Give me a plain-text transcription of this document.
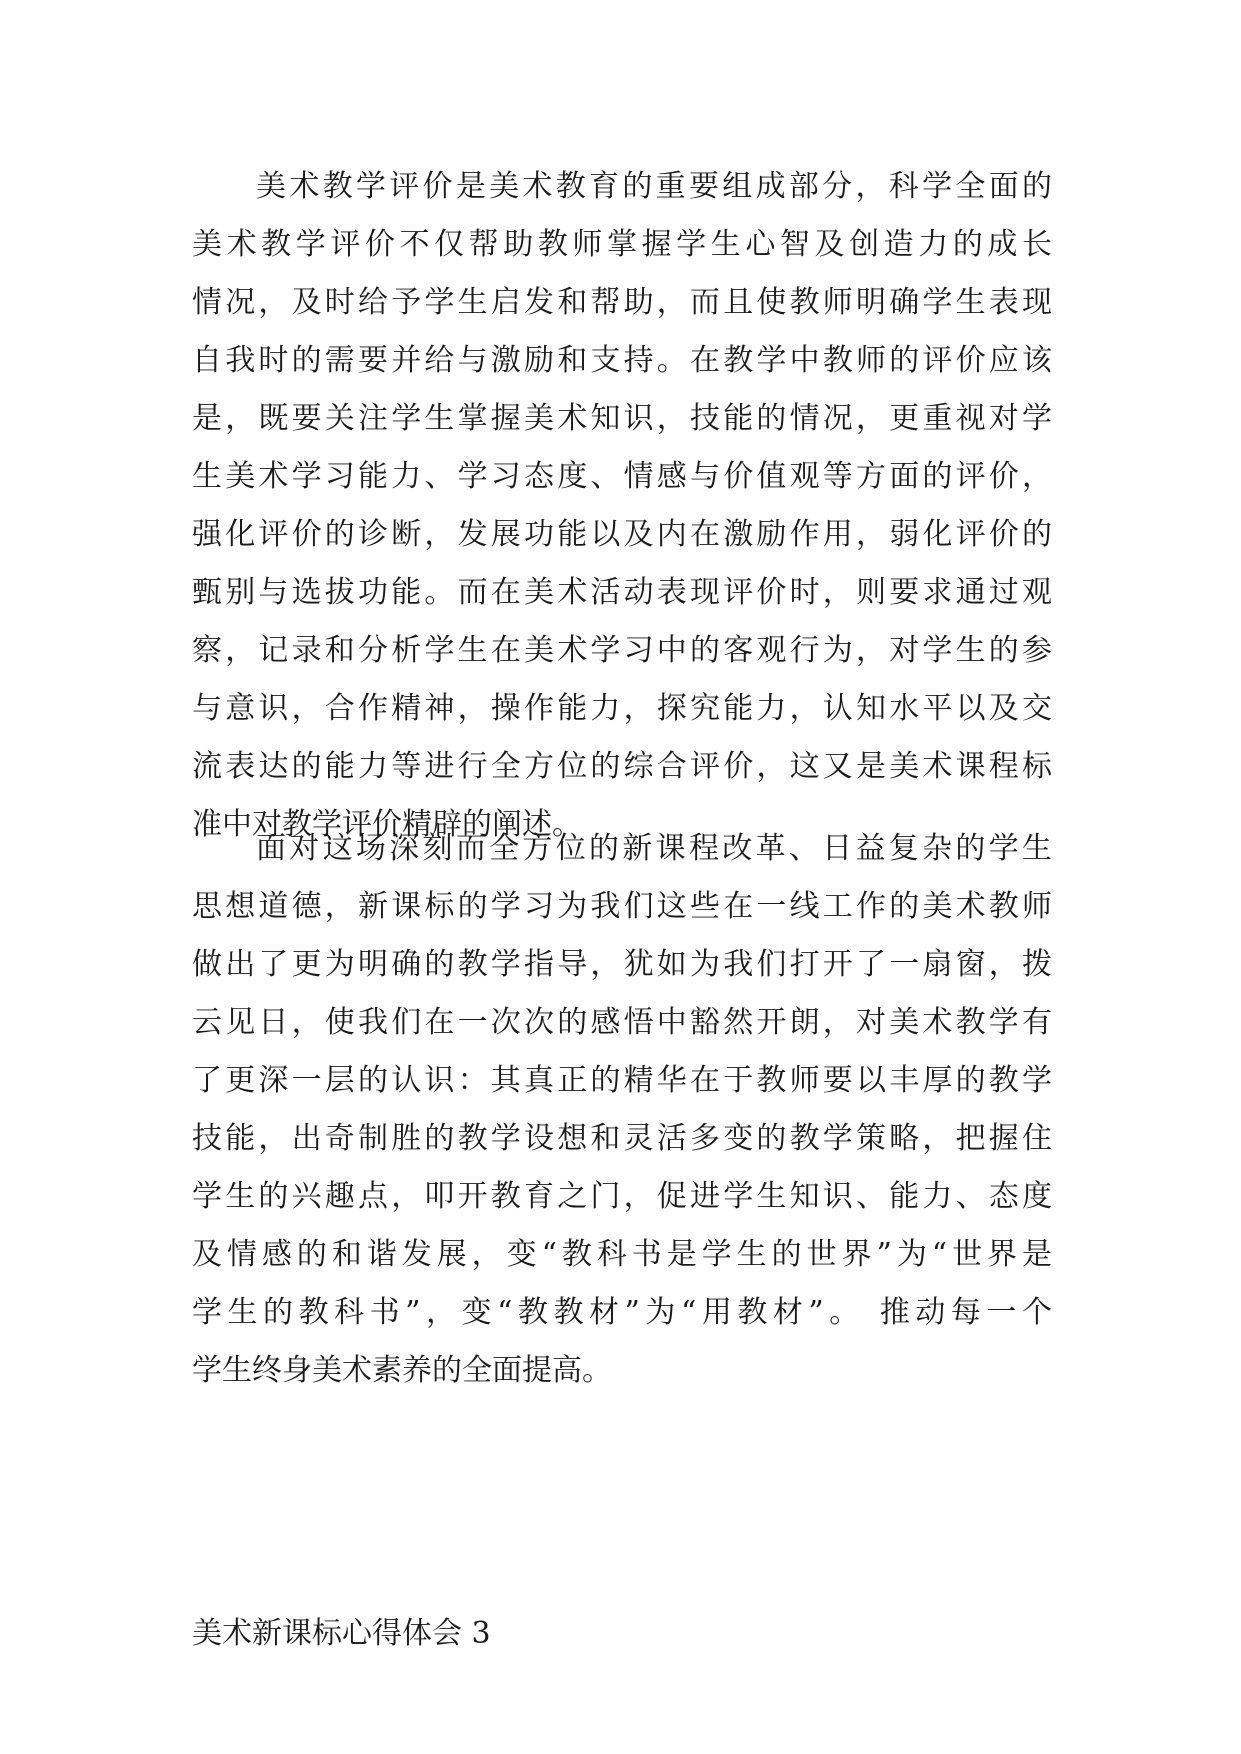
美术教学评价是美术教育的重要组成部分，科学全面的
美术教学评价不仅帮助教师掌握学生心智及创造力的成长
情况，及时给予学生启发和帮助，而且使教师明确学生表现
自我时的需要并给与激励和支持。在教学中教师的评价应该
是，既要关注学生掌握美术知识，技能的情况，更重视对学
生美术学习能力、学习态度、情感与价值观等方面的评价，
强化评价的诊断，发展功能以及内在激励作用，弱化评价的
甄别与选拔功能。而在美术活动表现评价时，则要求通过观
察，记录和分析学生在美术学习中的客观行为，对学生的参
与意识，合作精神，操作能力，探究能力，认知水平以及交
流表达的能力等进行全方位的综合评价，这又是美术课程标
准中对教学评价精辟的阐述。
面对这场深刻而全方位的新课程改革、日益复杂的学生
思想道德，新课标的学习为我们这些在一线工作的美术教师
做出了更为明确的教学指导，犹如为我们打开了一扇窗，拨
云见日，使我们在一次次的感悟中豁然开朗，对美术教学有
了更深一层的认识：其真正的精华在于教师要以丰厚的教学
技能，出奇制胜的教学设想和灵活多变的教学策略，把握住
学生的兴趣点，叩开教育之门，促进学生知识、能力、态度
及情感的和谐发展，变“教科书是学生的世界”为“世界是
学生的教科书”，变“教教材”为“用教材”。 推动每一个
学生终身美术素养的全面提高。

美术新课标心得体会 3
